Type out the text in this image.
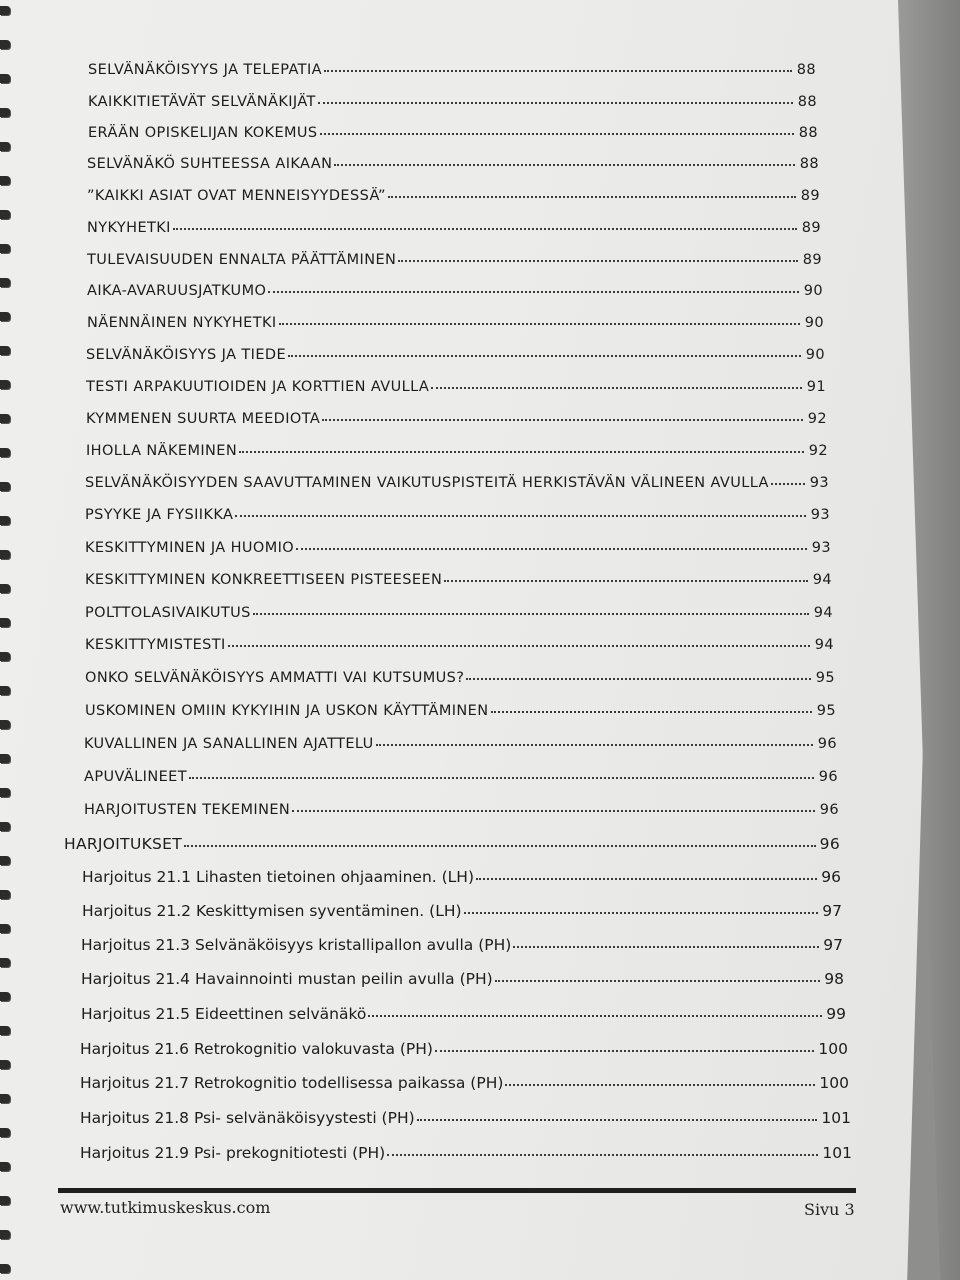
SELVÄNÄKÖISYYS JA TELEPATIA	88
KAIKKITIETÄVÄT SELVÄNÄKIJÄT	88
ERÄÄN OPISKELIJAN KOKEMUS	88
SELVÄNÄKÖ SUHTEESSA AIKAAN	88
”KAIKKI ASIAT OVAT MENNEISYYDESSÄ”	89
NYKYHETKI	89
TULEVAISUUDEN ENNALTA PÄÄTTÄMINEN	89
AIKA-AVARUUSJATKUMO	90
NÄENNÄINEN NYKYHETKI	90
SELVÄNÄKÖISYYS JA TIEDE	90
TESTI ARPAKUUTIOIDEN JA KORTTIEN AVULLA	91
KYMMENEN SUURTA MEEDIOTA	92
IHOLLA NÄKEMINEN	92
SELVÄNÄKÖISYYDEN SAAVUTTAMINEN VAIKUTUSPISTEITÄ HERKISTÄVÄN VÄLINEEN AVULLA	93
PSYYKE JA FYSIIKKA	93
KESKITTYMINEN JA HUOMIO	93
KESKITTYMINEN KONKREETTISEEN PISTEESEEN	94
POLTTOLASIVAIKUTUS	94
KESKITTYMISTESTI	94
ONKO SELVÄNÄKÖISYYS AMMATTI VAI KUTSUMUS?	95
USKOMINEN OMIIN KYKYIHIN JA USKON KÄYTTÄMINEN	95
KUVALLINEN JA SANALLINEN AJATTELU	96
APUVÄLINEET	96
HARJOITUSTEN TEKEMINEN	96
HARJOITUKSET	96
Harjoitus 21.1 Lihasten tietoinen ohjaaminen. (LH)	96
Harjoitus 21.2 Keskittymisen syventäminen. (LH)	97
Harjoitus 21.3 Selvänäköisyys kristallipallon avulla (PH)	97
Harjoitus 21.4 Havainnointi mustan peilin avulla (PH)	98
Harjoitus 21.5 Eideettinen selvänäkö	99
Harjoitus 21.6 Retrokognitio valokuvasta (PH)	100
Harjoitus 21.7 Retrokognitio todellisessa paikassa (PH)	100
Harjoitus 21.8 Psi- selvänäköisyystesti (PH)	101
Harjoitus 21.9 Psi- prekognitiotesti (PH)	101
www.tutkimuskeskus.com	Sivu 3
